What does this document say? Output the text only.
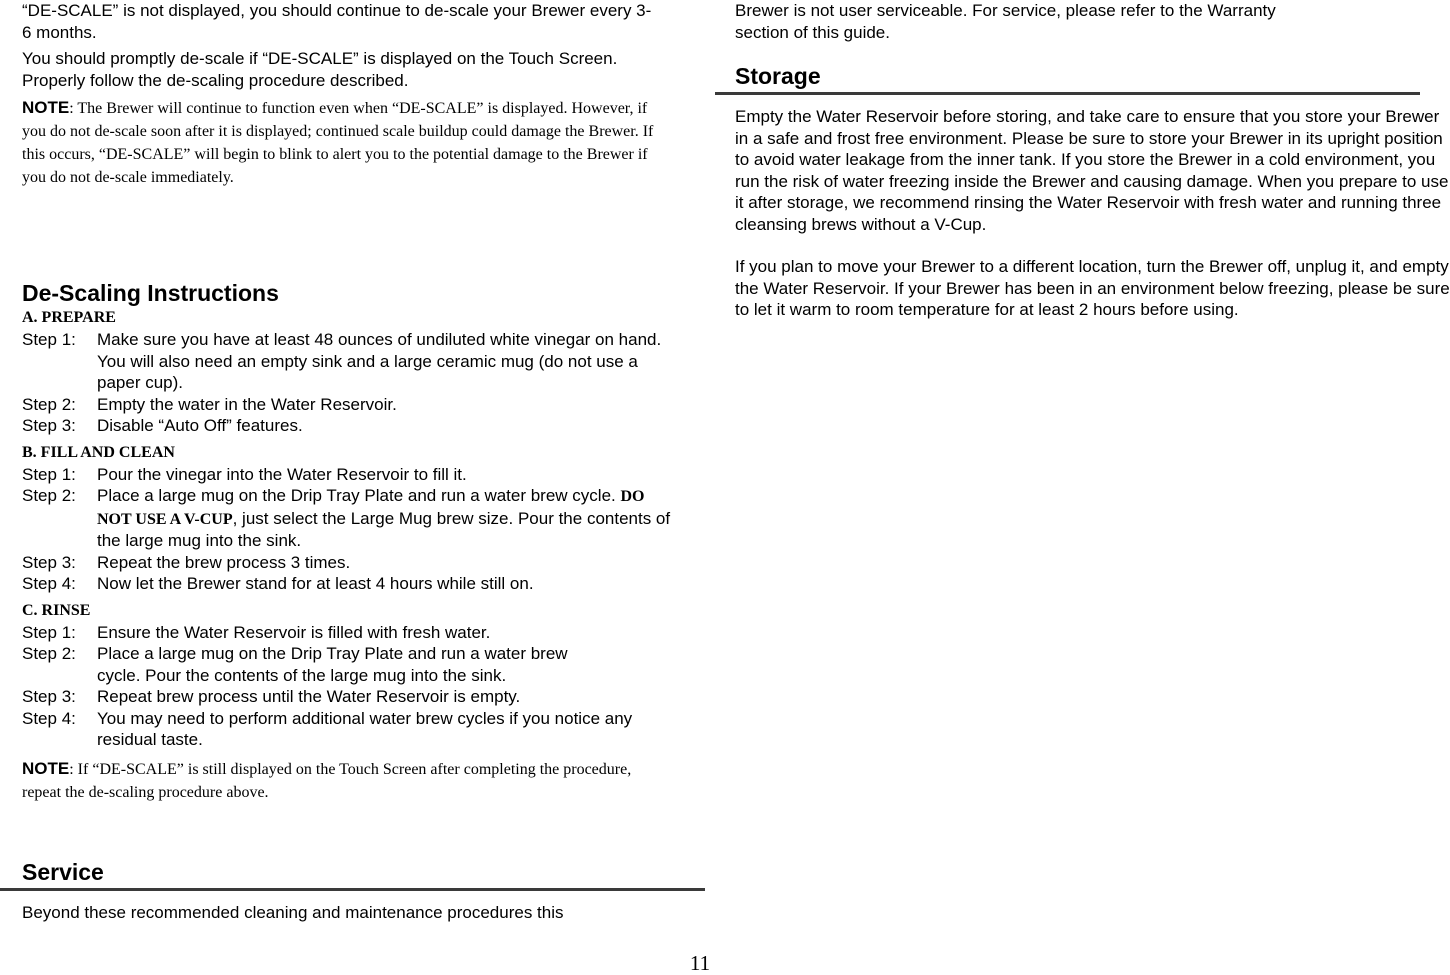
“DE-SCALE” is not displayed, you should continue to de-scale your Brewer every 3-6 months.

You should promptly de-scale if “DE-SCALE” is displayed on the Touch Screen. Properly follow the de-scaling procedure described.

NOTE: The Brewer will continue to function even when “DE-SCALE” is displayed. However, if you do not de-scale soon after it is displayed; continued scale buildup could damage the Brewer. If this occurs, “DE-SCALE” will begin to blink to alert you to the potential damage to the Brewer if you do not de-scale immediately.

De-Scaling Instructions
A. PREPARE
Step 1:	Make sure you have at least 48 ounces of undiluted white vinegar on hand. You will also need an empty sink and a large ceramic mug (do not use a paper cup).
Step 2:	Empty the water in the Water Reservoir.
Step 3:	Disable “Auto Off” features.
B. FILL AND CLEAN
Step 1:	Pour the vinegar into the Water Reservoir to fill it.
Step 2:	Place a large mug on the Drip Tray Plate and run a water brew cycle. DO NOT USE A V-CUP, just select the Large Mug brew size. Pour the contents of the large mug into the sink.
Step 3:	Repeat the brew process 3 times.
Step 4:	Now let the Brewer stand for at least 4 hours while still on.
C. RINSE
Step 1:	Ensure the Water Reservoir is filled with fresh water.
Step 2:	Place a large mug on the Drip Tray Plate and run a water brew cycle. Pour the contents of the large mug into the sink.
Step 3:	Repeat brew process until the Water Reservoir is empty.
Step 4:	You may need to perform additional water brew cycles if you notice any residual taste.

NOTE: If “DE-SCALE” is still displayed on the Touch Screen after completing the procedure, repeat the de-scaling procedure above.

Service

Beyond these recommended cleaning and maintenance procedures this

Brewer is not user serviceable. For service, please refer to the Warranty section of this guide.

Storage

Empty the Water Reservoir before storing, and take care to ensure that you store your Brewer in a safe and frost free environment. Please be sure to store your Brewer in its upright position to avoid water leakage from the inner tank. If you store the Brewer in a cold environment, you run the risk of water freezing inside the Brewer and causing damage. When you prepare to use it after storage, we recommend rinsing the Water Reservoir with fresh water and running three cleansing brews without a V-Cup.

If you plan to move your Brewer to a different location, turn the Brewer off, unplug it, and empty the Water Reservoir. If your Brewer has been in an environment below freezing, please be sure to let it warm to room temperature for at least 2 hours before using.

11
